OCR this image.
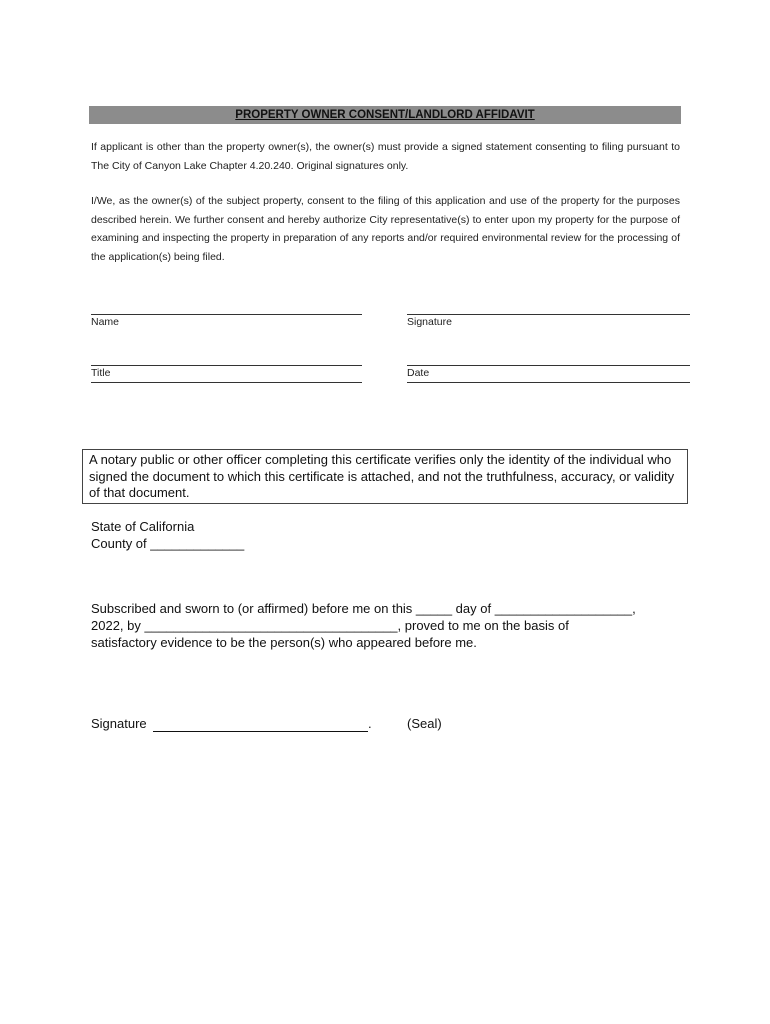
PROPERTY OWNER CONSENT/LANDLORD AFFIDAVIT
If applicant is other than the property owner(s), the owner(s) must provide a signed statement consenting to filing pursuant to The City of Canyon Lake Chapter 4.20.240. Original signatures only.
I/We, as the owner(s) of the subject property, consent to the filing of this application and use of the property for the purposes described herein. We further consent and hereby authorize City representative(s) to enter upon my property for the purpose of examining and inspecting the property in preparation of any reports and/or required environmental review for the processing of the application(s) being filed.
Name	Signature
Title	Date
A notary public or other officer completing this certificate verifies only the identity of the individual who signed the document to which this certificate is attached, and not the truthfulness, accuracy, or validity of that document.
State of California
County of _____________
Subscribed and sworn to (or affirmed) before me on this _____ day of ___________________,
2022, by ___________________________________, proved to me on the basis of
satisfactory evidence to be the person(s) who appeared before me.
Signature	.	(Seal)
